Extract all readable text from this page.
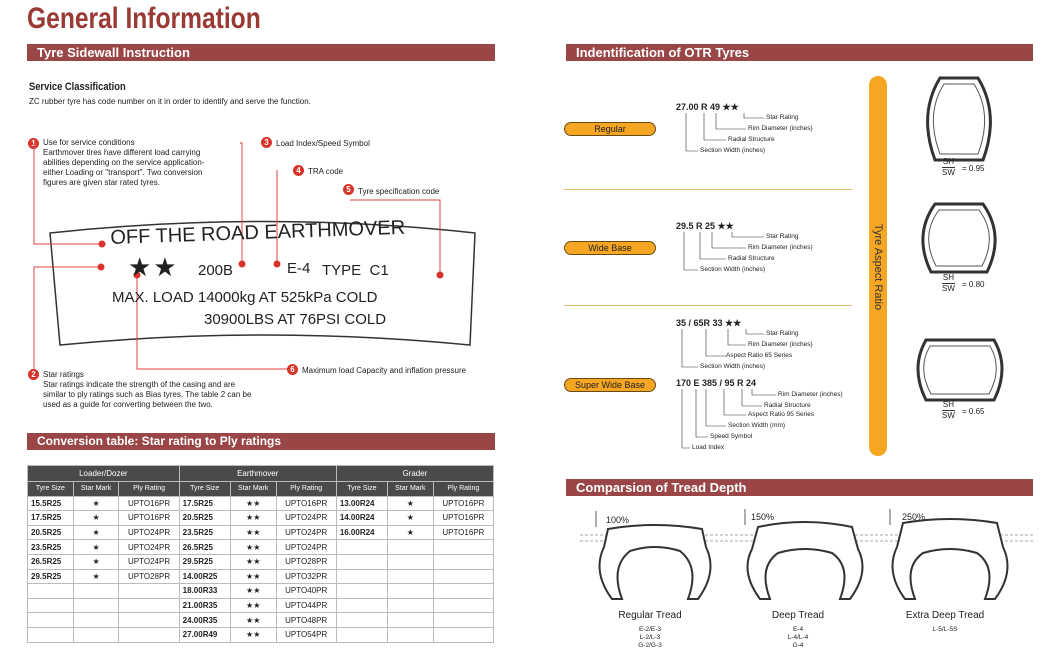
General Information
Tyre Sidewall Instruction
Service Classification
ZC rubber tyre has code number on it in order to identify and serve the function.
1 Use for service conditions
Earthmover tires have different load carrying abilities depending on the service application-either Loading or "transport". Two conversion figures are given star rated tyres.
3 Load Index/Speed Symbol
4 TRA code
5 Tyre specification code
OFF THE ROAD EARTHMOVER
★★ 200B	E-4 TYPE  C1
MAX. LOAD 14000kg AT 525kPa COLD
30900LBS AT 76PSI COLD
6 Maximum load Capacity and inflation pressure
2 Star ratings
Star ratings indicate the strength of the casing and are similar to ply ratings such as Bias tyres. The table 2 can be used as a guide for converting between the two.
Conversion table: Star rating to Ply ratings
Loader/Dozer			Earthmover			Grader		
Tyre Size	Star Mark	Ply Rating	Tyre Size	Star Mark	Ply Rating	Tyre Size	Star Mark	Ply Rating
15.5R25	★	UPTO16PR	17.5R25	★★	UPTO16PR	13.00R24	★	UPTO16PR
17.5R25	★	UPTO16PR	20.5R25	★★	UPTO24PR	14.00R24	★	UPTO16PR
20.5R25	★	UPTO24PR	23.5R25	★★	UPTO24PR	16.00R24	★	UPTO16PR
23.5R25	★	UPTO24PR	26.5R25	★★	UPTO24PR			
26.5R25	★	UPTO24PR	29.5R25	★★	UPTO28PR			
29.5R25	★	UPTO28PR	14.00R25	★★	UPTO32PR			
			18.00R33	★★	UPTO40PR			
			21.00R35	★★	UPTO44PR			
			24.00R35	★★	UPTO48PR			
			27.00R49	★★	UPTO54PR			
Indentification of OTR Tyres
Regular
27.00 R 49 ★★
Star Rating
Rim Diameter (inches)
Radial Structure
Section Width (inches)
Wide Base
29.5 R 25 ★★
Star Rating
Rim Diameter (inches)
Radial Structure
Section Width (inches)
35 / 65R 33 ★★
Star Rating
Rim Diameter (inches)
Aspect Ratio 65 Series
Section Width (inches)
Super Wide Base	170 E 385 / 95 R 24
Rim Diameter (inches)
Radial Structure
Aspect Ratio 95 Series
Section Width (mm)
Speed Symbol
Load Index
Tyre Aspect Ratio
SH
SW = 0.95
SH
SW = 0.80
SH
SW = 0.65
Comparsion of Tread Depth
100%	150%	250%
Regular Tread	Deep Tread	Extra Deep Tread
E-2/E-3
L-2/L-3
G-2/G-3
E-4
L-4/L-4
G-4
L-5/L-5S
